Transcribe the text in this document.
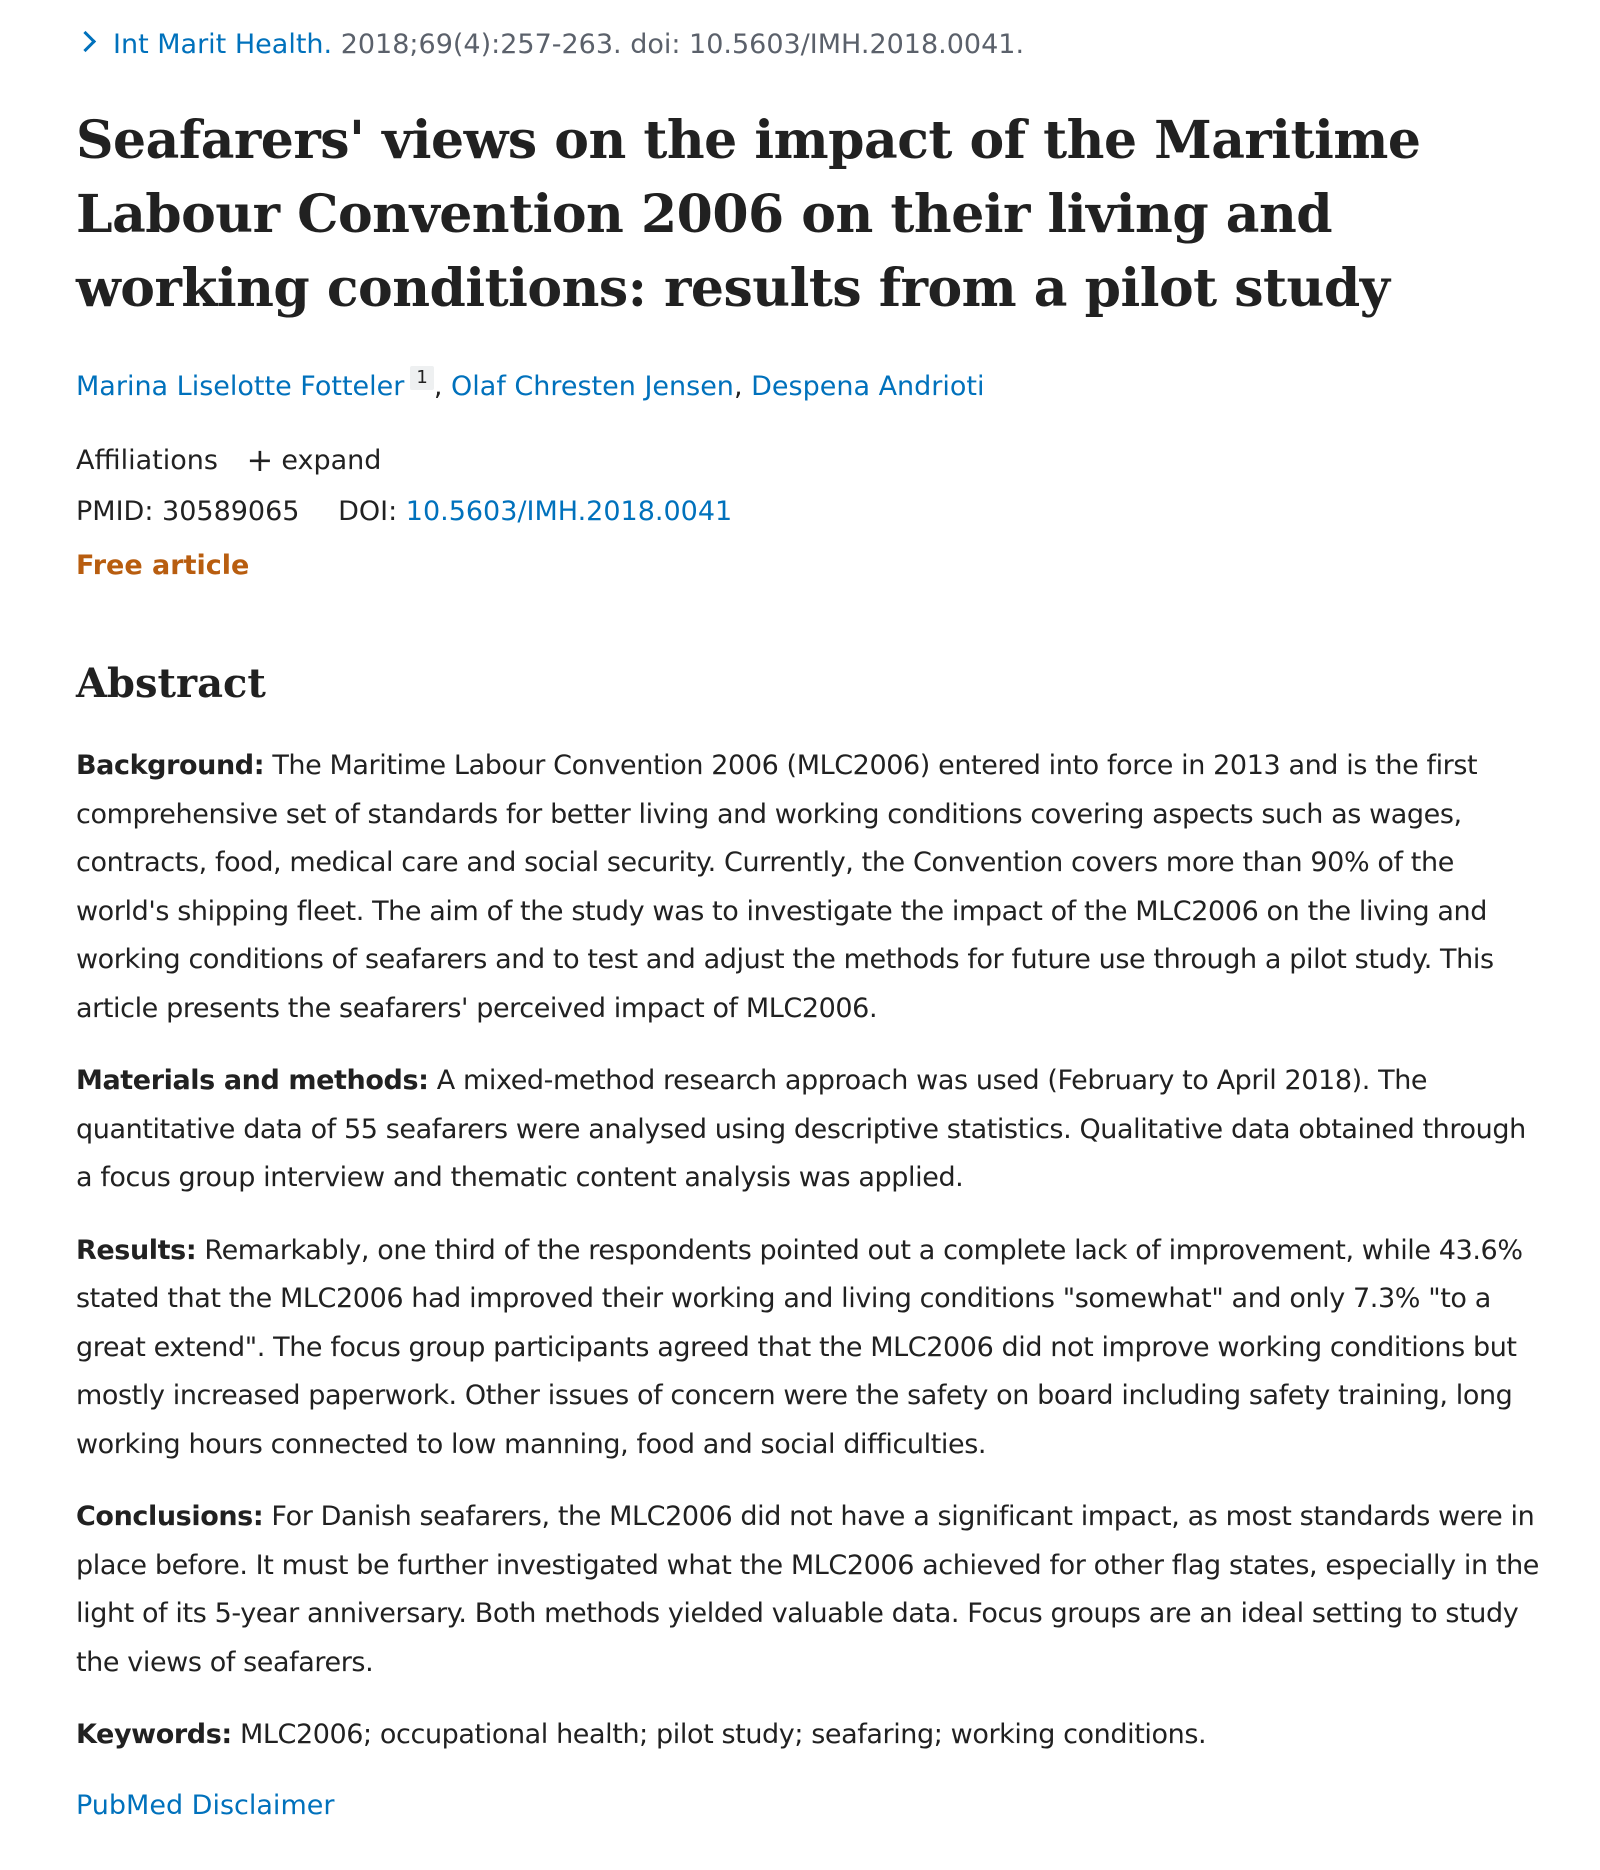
Int Marit Health. 2018;69(4):257-263. doi: 10.5603/IMH.2018.0041.
Seafarers' views on the impact of the Maritime Labour Convention 2006 on their living and working conditions: results from a pilot study
Marina Liselotte Fotteler 1 , Olaf Chresten Jensen, Despena Andrioti
Affiliations + expand
PMID: 30589065 DOI: 10.5603/IMH.2018.0041
Free article
Abstract

Background: The Maritime Labour Convention 2006 (MLC2006) entered into force in 2013 and is the first comprehensive set of standards for better living and working conditions covering aspects such as wages, contracts, food, medical care and social security. Currently, the Convention covers more than 90% of the world's shipping fleet. The aim of the study was to investigate the impact of the MLC2006 on the living and working conditions of seafarers and to test and adjust the methods for future use through a pilot study. This article presents the seafarers' perceived impact of MLC2006.

Materials and methods: A mixed-method research approach was used (February to April 2018). The quantitative data of 55 seafarers were analysed using descriptive statistics. Qualitative data obtained through a focus group interview and thematic content analysis was applied.

Results: Remarkably, one third of the respondents pointed out a complete lack of improvement, while 43.6% stated that the MLC2006 had improved their working and living conditions "somewhat" and only 7.3% "to a great extend". The focus group participants agreed that the MLC2006 did not improve working conditions but mostly increased paperwork. Other issues of concern were the safety on board including safety training, long working hours connected to low manning, food and social difficulties.

Conclusions: For Danish seafarers, the MLC2006 did not have a significant impact, as most standards were in place before. It must be further investigated what the MLC2006 achieved for other flag states, especially in the light of its 5-year anniversary. Both methods yielded valuable data. Focus groups are an ideal setting to study the views of seafarers.

Keywords: MLC2006; occupational health; pilot study; seafaring; working conditions.

PubMed Disclaimer
